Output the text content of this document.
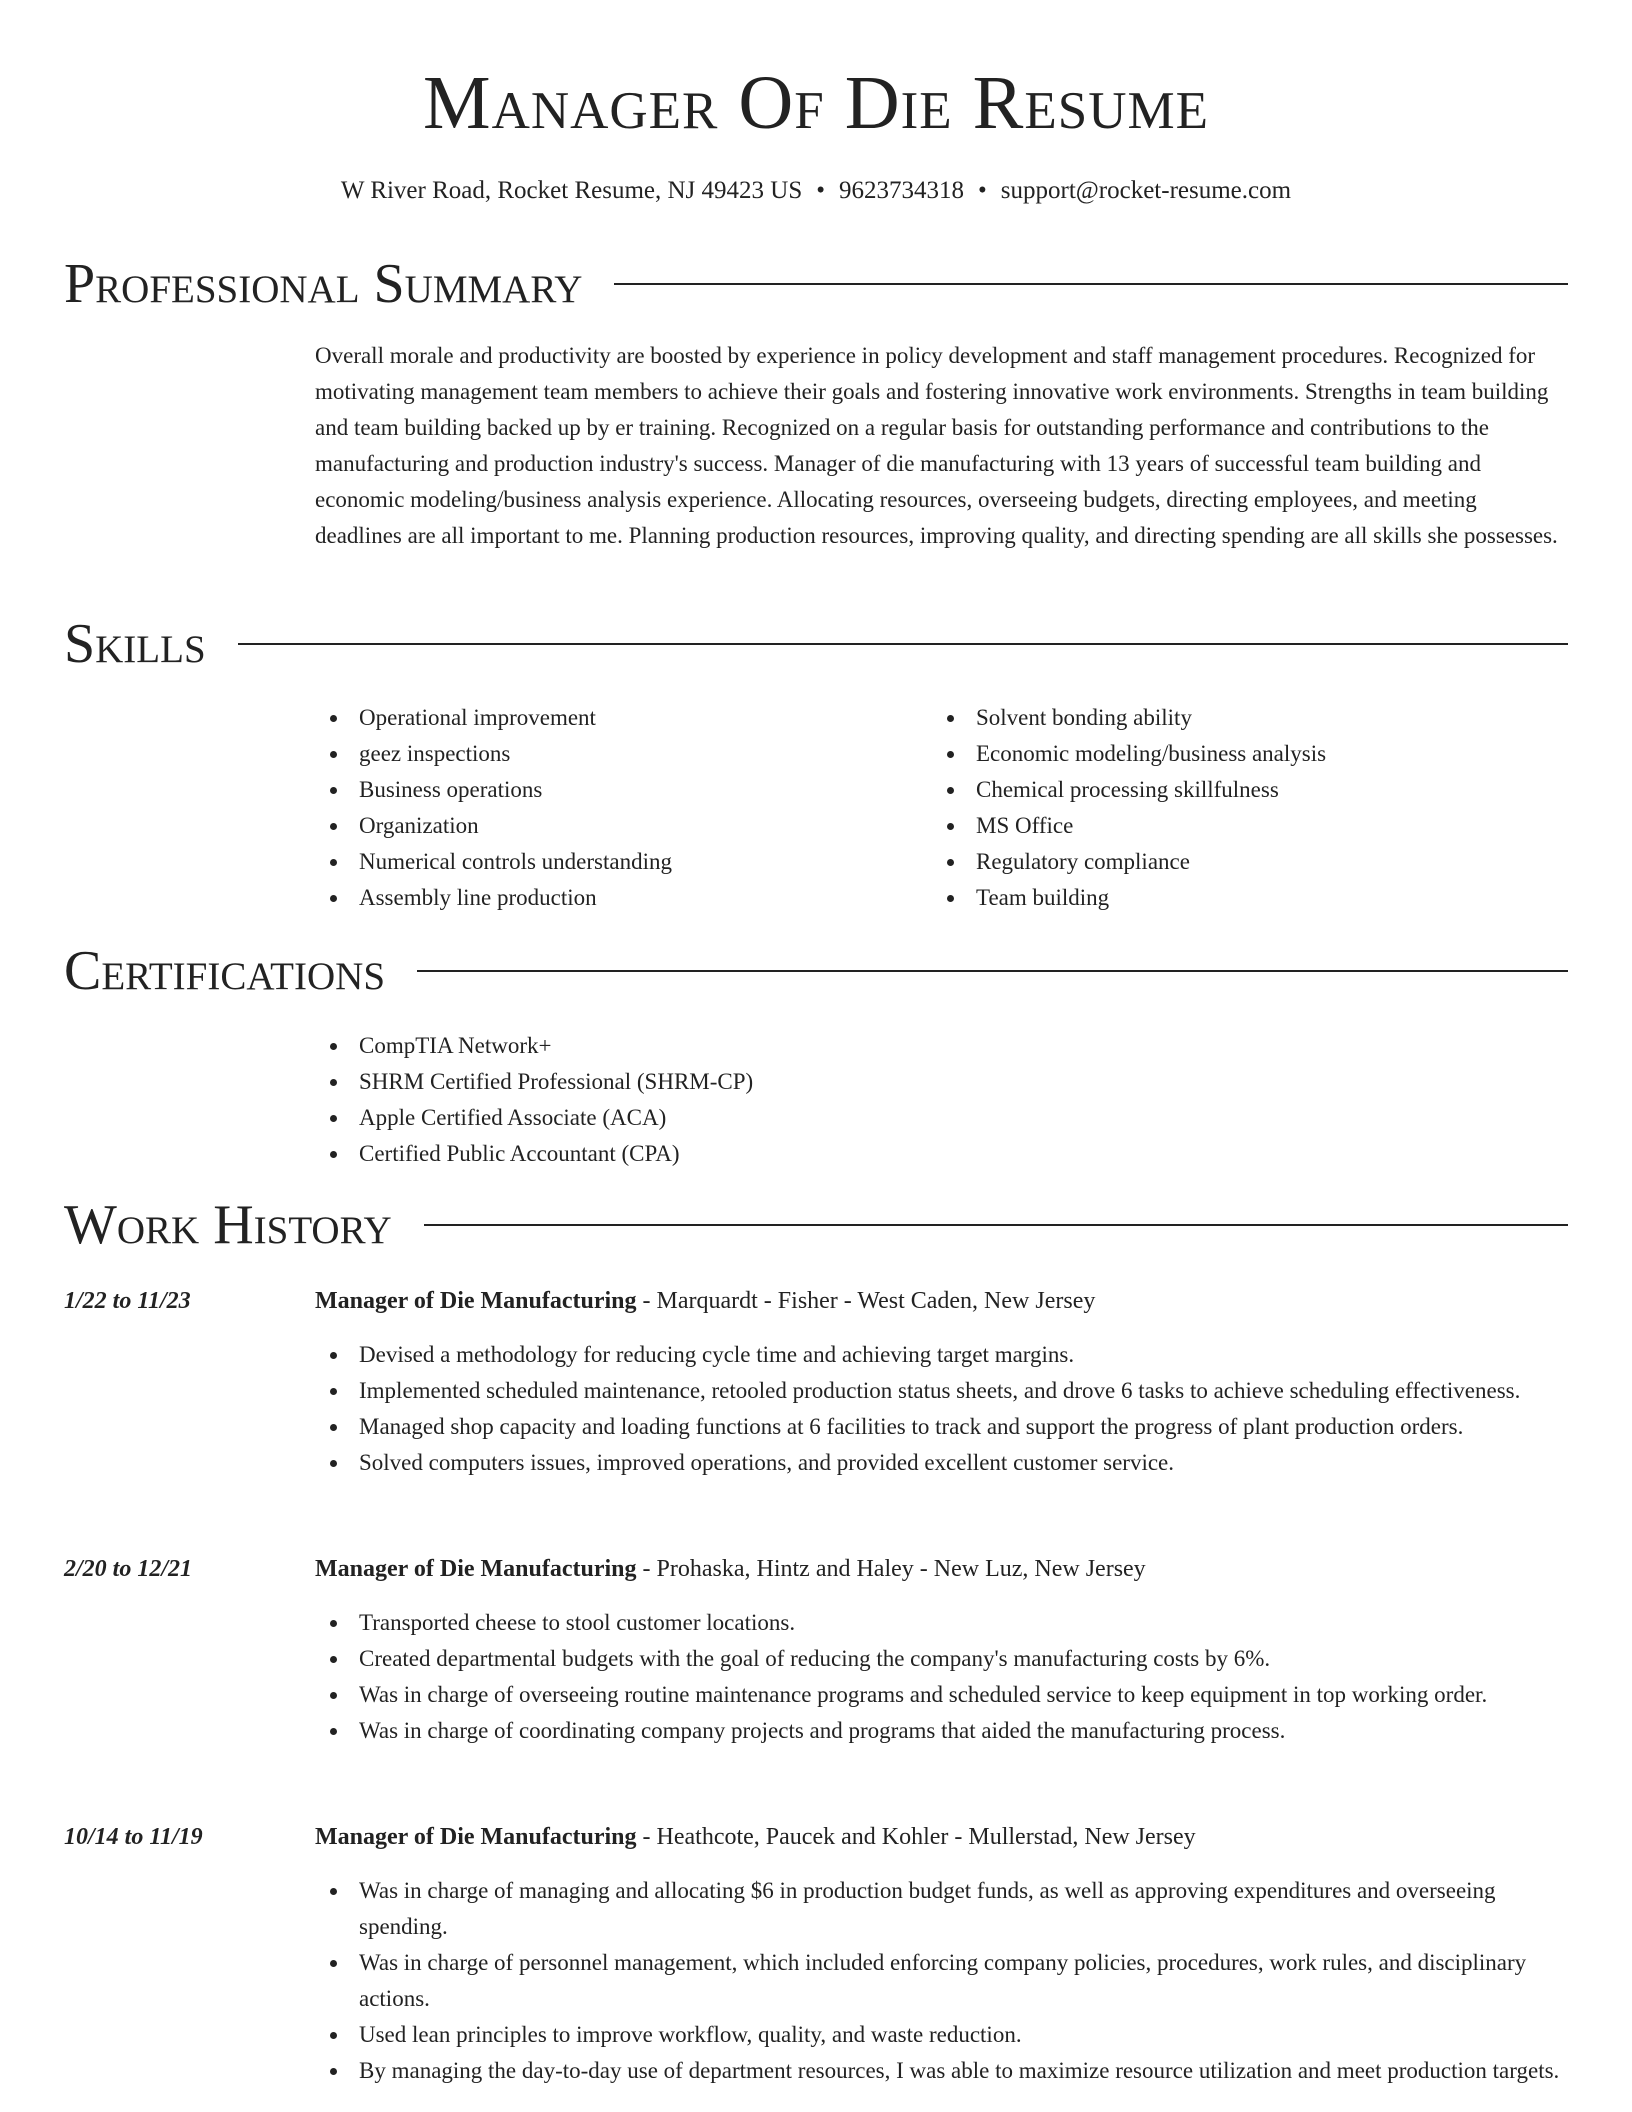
Manager Of Die Resume
W River Road, Rocket Resume, NJ 49423 US • 9623734318 • support@rocket-resume.com
Professional Summary

Overall morale and productivity are boosted by experience in policy development and staff management procedures. Recognized for motivating management team members to achieve their goals and fostering innovative work environments. Strengths in team building and team building backed up by er training. Recognized on a regular basis for outstanding performance and contributions to the manufacturing and production industry's success. Manager of die manufacturing with 13 years of successful team building and economic modeling/business analysis experience. Allocating resources, overseeing budgets, directing employees, and meeting deadlines are all important to me. Planning production resources, improving quality, and directing spending are all skills she possesses.

Skills
Operational improvement
geez inspections
Business operations
Organization
Numerical controls understanding
Assembly line production
Solvent bonding ability
Economic modeling/business analysis
Chemical processing skillfulness
MS Office
Regulatory compliance
Team building
Certifications
CompTIA Network+
SHRM Certified Professional (SHRM-CP)
Apple Certified Associate (ACA)
Certified Public Accountant (CPA)
Work History
1/22 to 11/23	Manager of Die Manufacturing - Marquardt - Fisher - West Caden, New Jersey
Devised a methodology for reducing cycle time and achieving target margins.
Implemented scheduled maintenance, retooled production status sheets, and drove 6 tasks to achieve scheduling effectiveness.
Managed shop capacity and loading functions at 6 facilities to track and support the progress of plant production orders.
Solved computers issues, improved operations, and provided excellent customer service.
2/20 to 12/21	Manager of Die Manufacturing - Prohaska, Hintz and Haley - New Luz, New Jersey
Transported cheese to stool customer locations.
Created departmental budgets with the goal of reducing the company's manufacturing costs by 6%.
Was in charge of overseeing routine maintenance programs and scheduled service to keep equipment in top working order.
Was in charge of coordinating company projects and programs that aided the manufacturing process.
10/14 to 11/19	Manager of Die Manufacturing - Heathcote, Paucek and Kohler - Mullerstad, New Jersey
Was in charge of managing and allocating $6 in production budget funds, as well as approving expenditures and overseeing spending.
Was in charge of personnel management, which included enforcing company policies, procedures, work rules, and disciplinary actions.
Used lean principles to improve workflow, quality, and waste reduction.
By managing the day-to-day use of department resources, I was able to maximize resource utilization and meet production targets.
